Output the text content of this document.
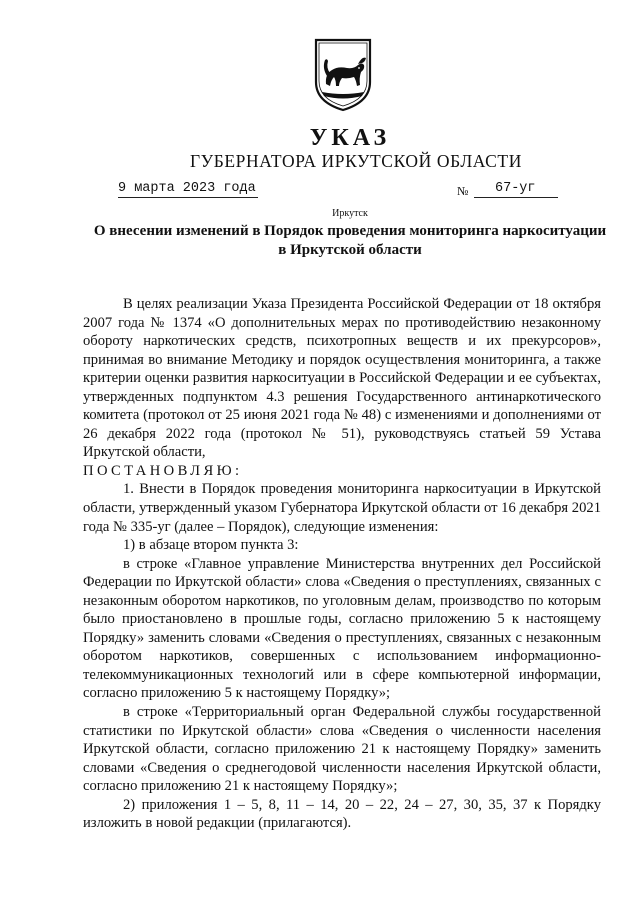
УКАЗ
ГУБЕРНАТОРА ИРКУТСКОЙ ОБЛАСТИ
9 марта 2023 года	№	67-уг
Иркутск
О внесении изменений в Порядок проведения мониторинга наркоситуации
в Иркутской области

В целях реализации Указа Президента Российской Федерации от 18 октября 2007 года № 1374 «О дополнительных мерах по противодействию незаконному обороту наркотических средств, психотропных веществ и их прекурсоров», принимая во внимание Методику и порядок осуществления мониторинга, а также критерии оценки развития наркоситуации в Российской Федерации и ее субъектах, утвержденных подпунктом 4.3 решения Государственного антинаркотического комитета (протокол от 25 июня 2021 года № 48) с изменениями и дополнениями от 26 декабря 2022 года (протокол № 51), руководствуясь статьей 59 Устава Иркутской области,

ПОСТАНОВЛЯЮ:

1. Внести в Порядок проведения мониторинга наркоситуации в Иркутской области, утвержденный указом Губернатора Иркутской области от 16 декабря 2021 года № 335-уг (далее – Порядок), следующие изменения:

1) в абзаце втором пункта 3:

в строке «Главное управление Министерства внутренних дел Российской Федерации по Иркутской области» слова «Сведения о преступлениях, связанных с незаконным оборотом наркотиков, по уголовным делам, производство по которым было приостановлено в прошлые годы, согласно приложению 5 к настоящему Порядку» заменить словами «Сведения о преступлениях, связанных с незаконным оборотом наркотиков, совершенных с использованием информационно-телекоммуникационных технологий или в сфере компьютерной информации, согласно приложению 5 к настоящему Порядку»;

в строке «Территориальный орган Федеральной службы государственной статистики по Иркутской области» слова «Сведения о численности населения Иркутской области, согласно приложению 21 к настоящему Порядку» заменить словами «Сведения о среднегодовой численности населения Иркутской области, согласно приложению 21 к настоящему Порядку»;

2) приложения 1 – 5, 8, 11 – 14, 20 – 22, 24 – 27, 30, 35, 37 к Порядку изложить в новой редакции (прилагаются).
